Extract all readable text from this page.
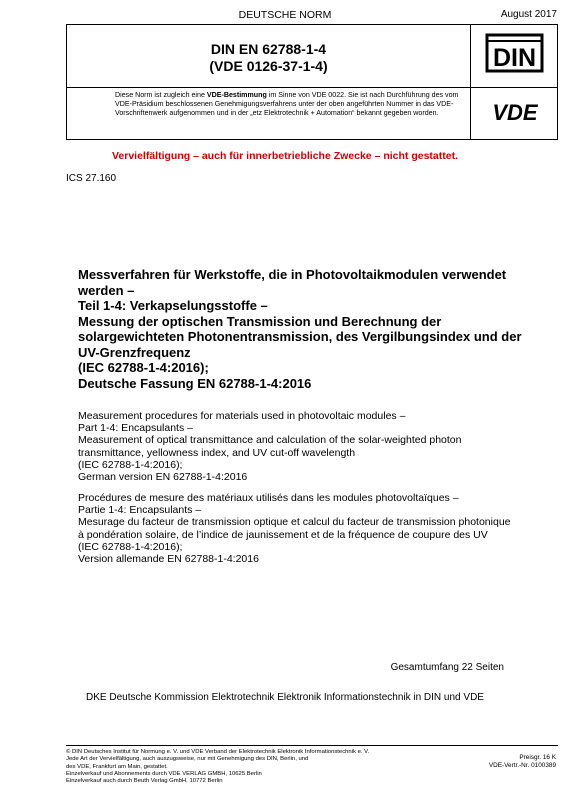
DEUTSCHE NORM	August 2017
DIN EN 62788-1-4
(VDE 0126-37-1-4)
Diese Norm ist zugleich eine VDE-Bestimmung im Sinne von VDE 0022. Sie ist nach Durchführung des vom VDE-Präsidium beschlossenen Genehmigungsverfahrens unter der oben angeführten Nummer in das VDE-Vorschriftenwerk aufgenommen und in der „etz Elektrotechnik + Automation“ bekannt gegeben worden.
DIN
VDE
Vervielfältigung – auch für innerbetriebliche Zwecke – nicht gestattet.
ICS 27.160
Messverfahren für Werkstoffe, die in Photovoltaikmodulen verwendet
werden –
Teil 1-4: Verkapselungsstoffe –
Messung der optischen Transmission und Berechnung der
solargewichteten Photonentransmission, des Vergilbungsindex und der
UV-Grenzfrequenz
(IEC 62788-1-4:2016);
Deutsche Fassung EN 62788-1-4:2016
Measurement procedures for materials used in photovoltaic modules –
Part 1-4: Encapsulants –
Measurement of optical transmittance and calculation of the solar-weighted photon
transmittance, yellowness index, and UV cut-off wavelength
(IEC 62788-1-4:2016);
German version EN 62788-1-4:2016
Procédures de mesure des matériaux utilisés dans les modules photovoltaïques –
Partie 1-4: Encapsulants –
Mesurage du facteur de transmission optique et calcul du facteur de transmission photonique
à pondération solaire, de l’indice de jaunissement et de la fréquence de coupure des UV
(IEC 62788-1-4:2016);
Version allemande EN 62788-1-4:2016
Gesamtumfang 22 Seiten
DKE Deutsche Kommission Elektrotechnik Elektronik Informationstechnik in DIN und VDE
© DIN Deutsches Institut für Normung e. V. und VDE Verband der Elektrotechnik Elektronik Informationstechnik e. V.
Jede Art der Vervielfältigung, auch auszugsweise, nur mit Genehmigung des DIN, Berlin, und
des VDE, Frankfurt am Main, gestattet.
Einzelverkauf und Abonnements durch VDE VERLAG GMBH, 10625 Berlin
Einzelverkauf auch durch Beuth Verlag GmbH, 10772 Berlin
Preisgr. 16 K
VDE-Vertr.-Nr. 0100389
